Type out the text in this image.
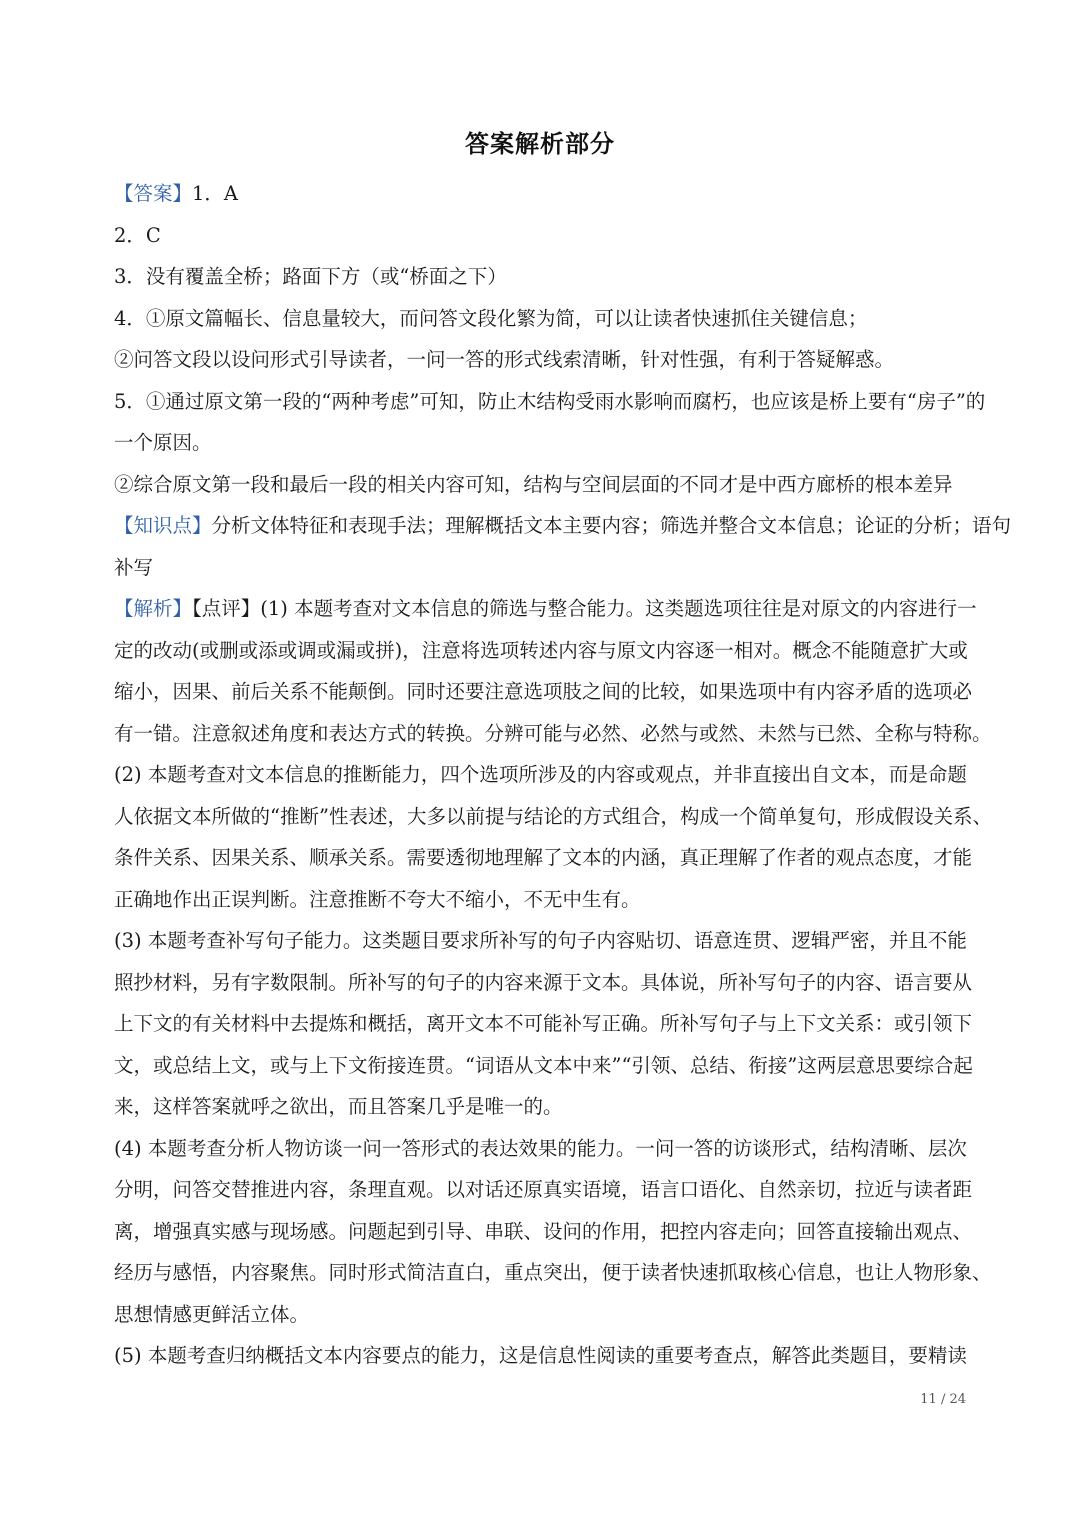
答案解析部分
【答案】1．A
2．C
3．没有覆盖全桥；路面下方（或“桥面之下）
4．①原文篇幅长、信息量较大，而问答文段化繁为简，可以让读者快速抓住关键信息；
②问答文段以设问形式引导读者，一问一答的形式线索清晰，针对性强，有利于答疑解惑。
5．①通过原文第一段的“两种考虑”可知，防止木结构受雨水影响而腐朽，也应该是桥上要有“房子”的
一个原因。
②综合原文第一段和最后一段的相关内容可知，结构与空间层面的不同才是中西方廊桥的根本差异
【知识点】分析文体特征和表现手法；理解概括文本主要内容；筛选并整合文本信息；论证的分析；语句
补写
【解析】【点评】(1) 本题考查对文本信息的筛选与整合能力。这类题选项往往是对原文的内容进行一
定的改动(或删或添或调或漏或拼)，注意将选项转述内容与原文内容逐一相对。概念不能随意扩大或
缩小，因果、前后关系不能颠倒。同时还要注意选项肢之间的比较，如果选项中有内容矛盾的选项必
有一错。注意叙述角度和表达方式的转换。分辨可能与必然、必然与或然、未然与已然、全称与特称。
(2) 本题考查对文本信息的推断能力，四个选项所涉及的内容或观点，并非直接出自文本，而是命题
人依据文本所做的“推断”性表述，大多以前提与结论的方式组合，构成一个简单复句，形成假设关系、
条件关系、因果关系、顺承关系。需要透彻地理解了文本的内涵，真正理解了作者的观点态度，才能
正确地作出正误判断。注意推断不夸大不缩小，不无中生有。
(3) 本题考查补写句子能力。这类题目要求所补写的句子内容贴切、语意连贯、逻辑严密，并且不能
照抄材料，另有字数限制。所补写的句子的内容来源于文本。具体说，所补写句子的内容、语言要从
上下文的有关材料中去提炼和概括，离开文本不可能补写正确。所补写句子与上下文关系：或引领下
文，或总结上文，或与上下文衔接连贯。“词语从文本中来”“引领、总结、衔接”这两层意思要综合起
来，这样答案就呼之欲出，而且答案几乎是唯一的。
(4) 本题考查分析人物访谈一问一答形式的表达效果的能力。一问一答的访谈形式，结构清晰、层次
分明，问答交替推进内容，条理直观。以对话还原真实语境，语言口语化、自然亲切，拉近与读者距
离，增强真实感与现场感。问题起到引导、串联、设问的作用，把控内容走向；回答直接输出观点、
经历与感悟，内容聚焦。同时形式简洁直白，重点突出，便于读者快速抓取核心信息，也让人物形象、
思想情感更鲜活立体。
(5) 本题考查归纳概括文本内容要点的能力，这是信息性阅读的重要考查点，解答此类题目，要精读
11 / 24
